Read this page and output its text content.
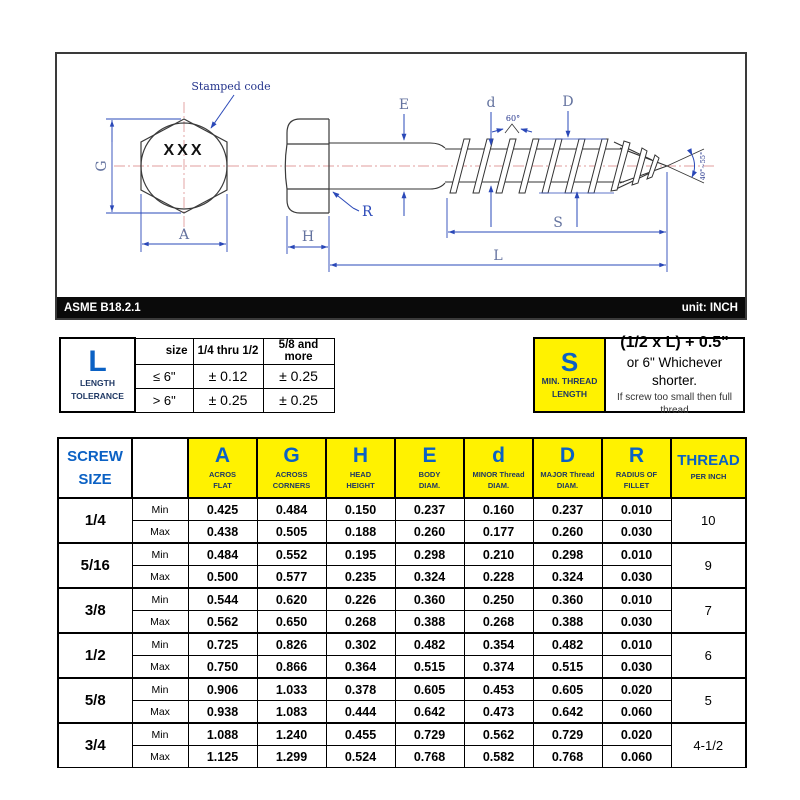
XXX
Stamped code
G
A	H
R
E	d
60°
D
S
L
40°~55°
ASME B18.2.1	unit: INCH
L
LENGTH
TOLERANCE	size	1/4 thru 1/2	5/8 and more
	≤ 6"	± 0.12	± 0.25
	> 6"	± 0.25	± 0.25
S
MIN. THREAD
LENGTH
(1/2 x L) + 0.5"
or 6" Whichever shorter.
If screw too small then full thread
SCREW
SIZE

A
ACROS
FLAT

G
ACROSS
CORNERS

H
HEAD
HEIGHT

E
BODY
DIAM.

d
MINOR Thread
DIAM.

D
MAJOR Thread
DIAM.

R
RADIUS OF
FILLET

THREAD
PER INCH

1/4	Min	0.425	0.484	0.150	0.237	0.160	0.237	0.010	10
	Max	0.438	0.505	0.188	0.260	0.177	0.260	0.030	
5/16	Min	0.484	0.552	0.195	0.298	0.210	0.298	0.010	9
	Max	0.500	0.577	0.235	0.324	0.228	0.324	0.030	
3/8	Min	0.544	0.620	0.226	0.360	0.250	0.360	0.010	7
	Max	0.562	0.650	0.268	0.388	0.268	0.388	0.030	
1/2	Min	0.725	0.826	0.302	0.482	0.354	0.482	0.010	6
	Max	0.750	0.866	0.364	0.515	0.374	0.515	0.030	
5/8	Min	0.906	1.033	0.378	0.605	0.453	0.605	0.020	5
	Max	0.938	1.083	0.444	0.642	0.473	0.642	0.060	
3/4	Min	1.088	1.240	0.455	0.729	0.562	0.729	0.020	4-1/2
	Max	1.125	1.299	0.524	0.768	0.582	0.768	0.060	
